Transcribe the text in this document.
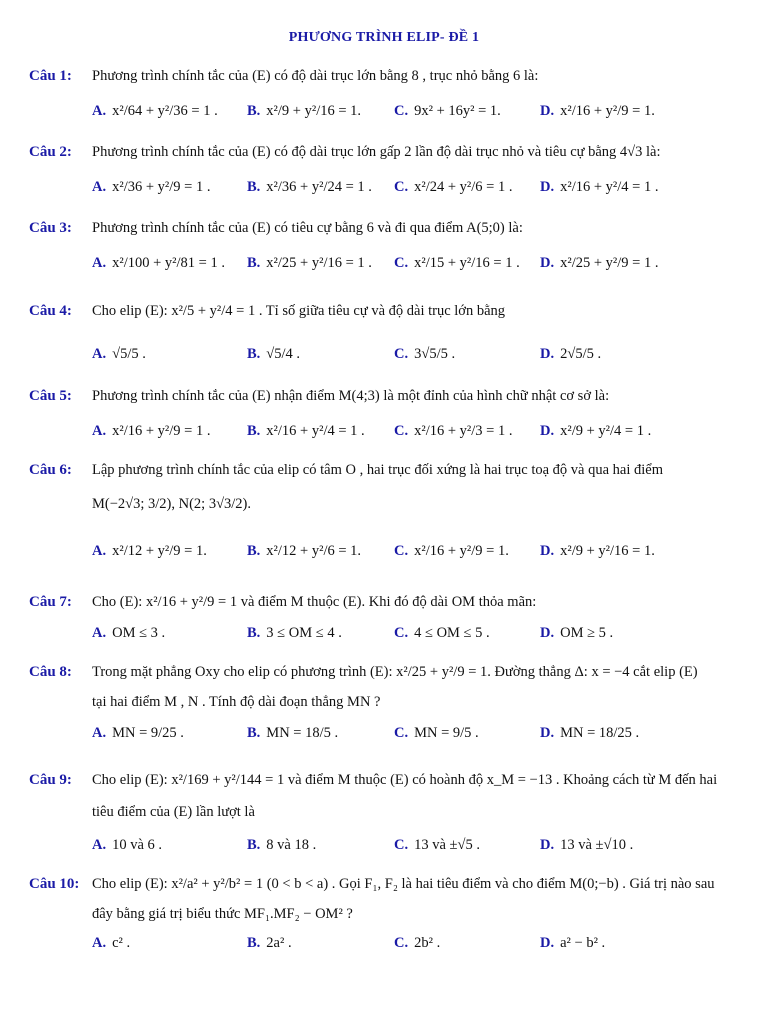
PHƯƠNG TRÌNH ELIP- ĐỀ 1
Câu 1: Phương trình chính tắc của (E) có độ dài trục lớn bằng 8 , trục nhỏ bằng 6 là:
A. x²/64 + y²/36 = 1 . B. x²/9 + y²/16 = 1. C. 9x² + 16y² = 1.	D. x²/16 + y²/9 = 1.
Câu 2: Phương trình chính tắc của (E) có độ dài trục lớn gấp 2 lần độ dài trục nhỏ và tiêu cự bằng 4√3 là:
A. x²/36 + y²/9 = 1 .	B. x²/36 + y²/24 = 1 . C. x²/24 + y²/6 = 1 . D. x²/16 + y²/4 = 1 .
Câu 3: Phương trình chính tắc của (E) có tiêu cự bằng 6 và đi qua điểm A(5;0) là:
A. x²/100 + y²/81 = 1 . B. x²/25 + y²/16 = 1 . C. x²/15 + y²/16 = 1 . D. x²/25 + y²/9 = 1 .
Câu 4: Cho elip (E): x²/5 + y²/4 = 1 . Tỉ số giữa tiêu cự và độ dài trục lớn bằng
A. √5/5 .	B. √5/4 .	C. 3√5/5 .	D. 2√5/5 .
Câu 5: Phương trình chính tắc của (E) nhận điểm M(4;3) là một đỉnh của hình chữ nhật cơ sở là:
A. x²/16 + y²/9 = 1 .	B. x²/16 + y²/4 = 1 . C. x²/16 + y²/3 = 1 . D. x²/9 + y²/4 = 1 .
Câu 6: Lập phương trình chính tắc của elip có tâm O , hai trục đối xứng là hai trục toạ độ và qua hai điểm
M(−2√3; 3/2), N(2; 3√3/2).
A. x²/12 + y²/9 = 1.	B. x²/12 + y²/6 = 1. C. x²/16 + y²/9 = 1. D. x²/9 + y²/16 = 1.
Câu 7: Cho (E): x²/16 + y²/9 = 1 và điểm M thuộc (E). Khi đó độ dài OM thỏa mãn:
A. OM ≤ 3 .	B. 3 ≤ OM ≤ 4 .	C. 4 ≤ OM ≤ 5 .	D. OM ≥ 5 .
Câu 8: Trong mặt phẳng Oxy cho elip có phương trình (E): x²/25 + y²/9 = 1. Đường thẳng Δ: x = −4 cắt elip (E)
tại hai điểm M , N . Tính độ dài đoạn thẳng MN ?
A. MN = 9/25 .	B. MN = 18/5 .	C. MN = 9/5 .	D. MN = 18/25 .
Câu 9: Cho elip (E): x²/169 + y²/144 = 1 và điểm M thuộc (E) có hoành độ x_M = −13 . Khoảng cách từ M đến hai
tiêu điểm của (E) lần lượt là
A. 10 và 6 .	B. 8 và 18 .	C. 13 và ±√5 .	D. 13 và ±√10 .
Câu 10: Cho elip (E): x²/a² + y²/b² = 1 (0 < b < a) . Gọi F₁, F₂ là hai tiêu điểm và cho điểm M(0;−b) . Giá trị nào sau
đây bằng giá trị biểu thức MF₁.MF₂ − OM² ?
A. c² .	B. 2a² .	C. 2b² .	D. a² − b² .
